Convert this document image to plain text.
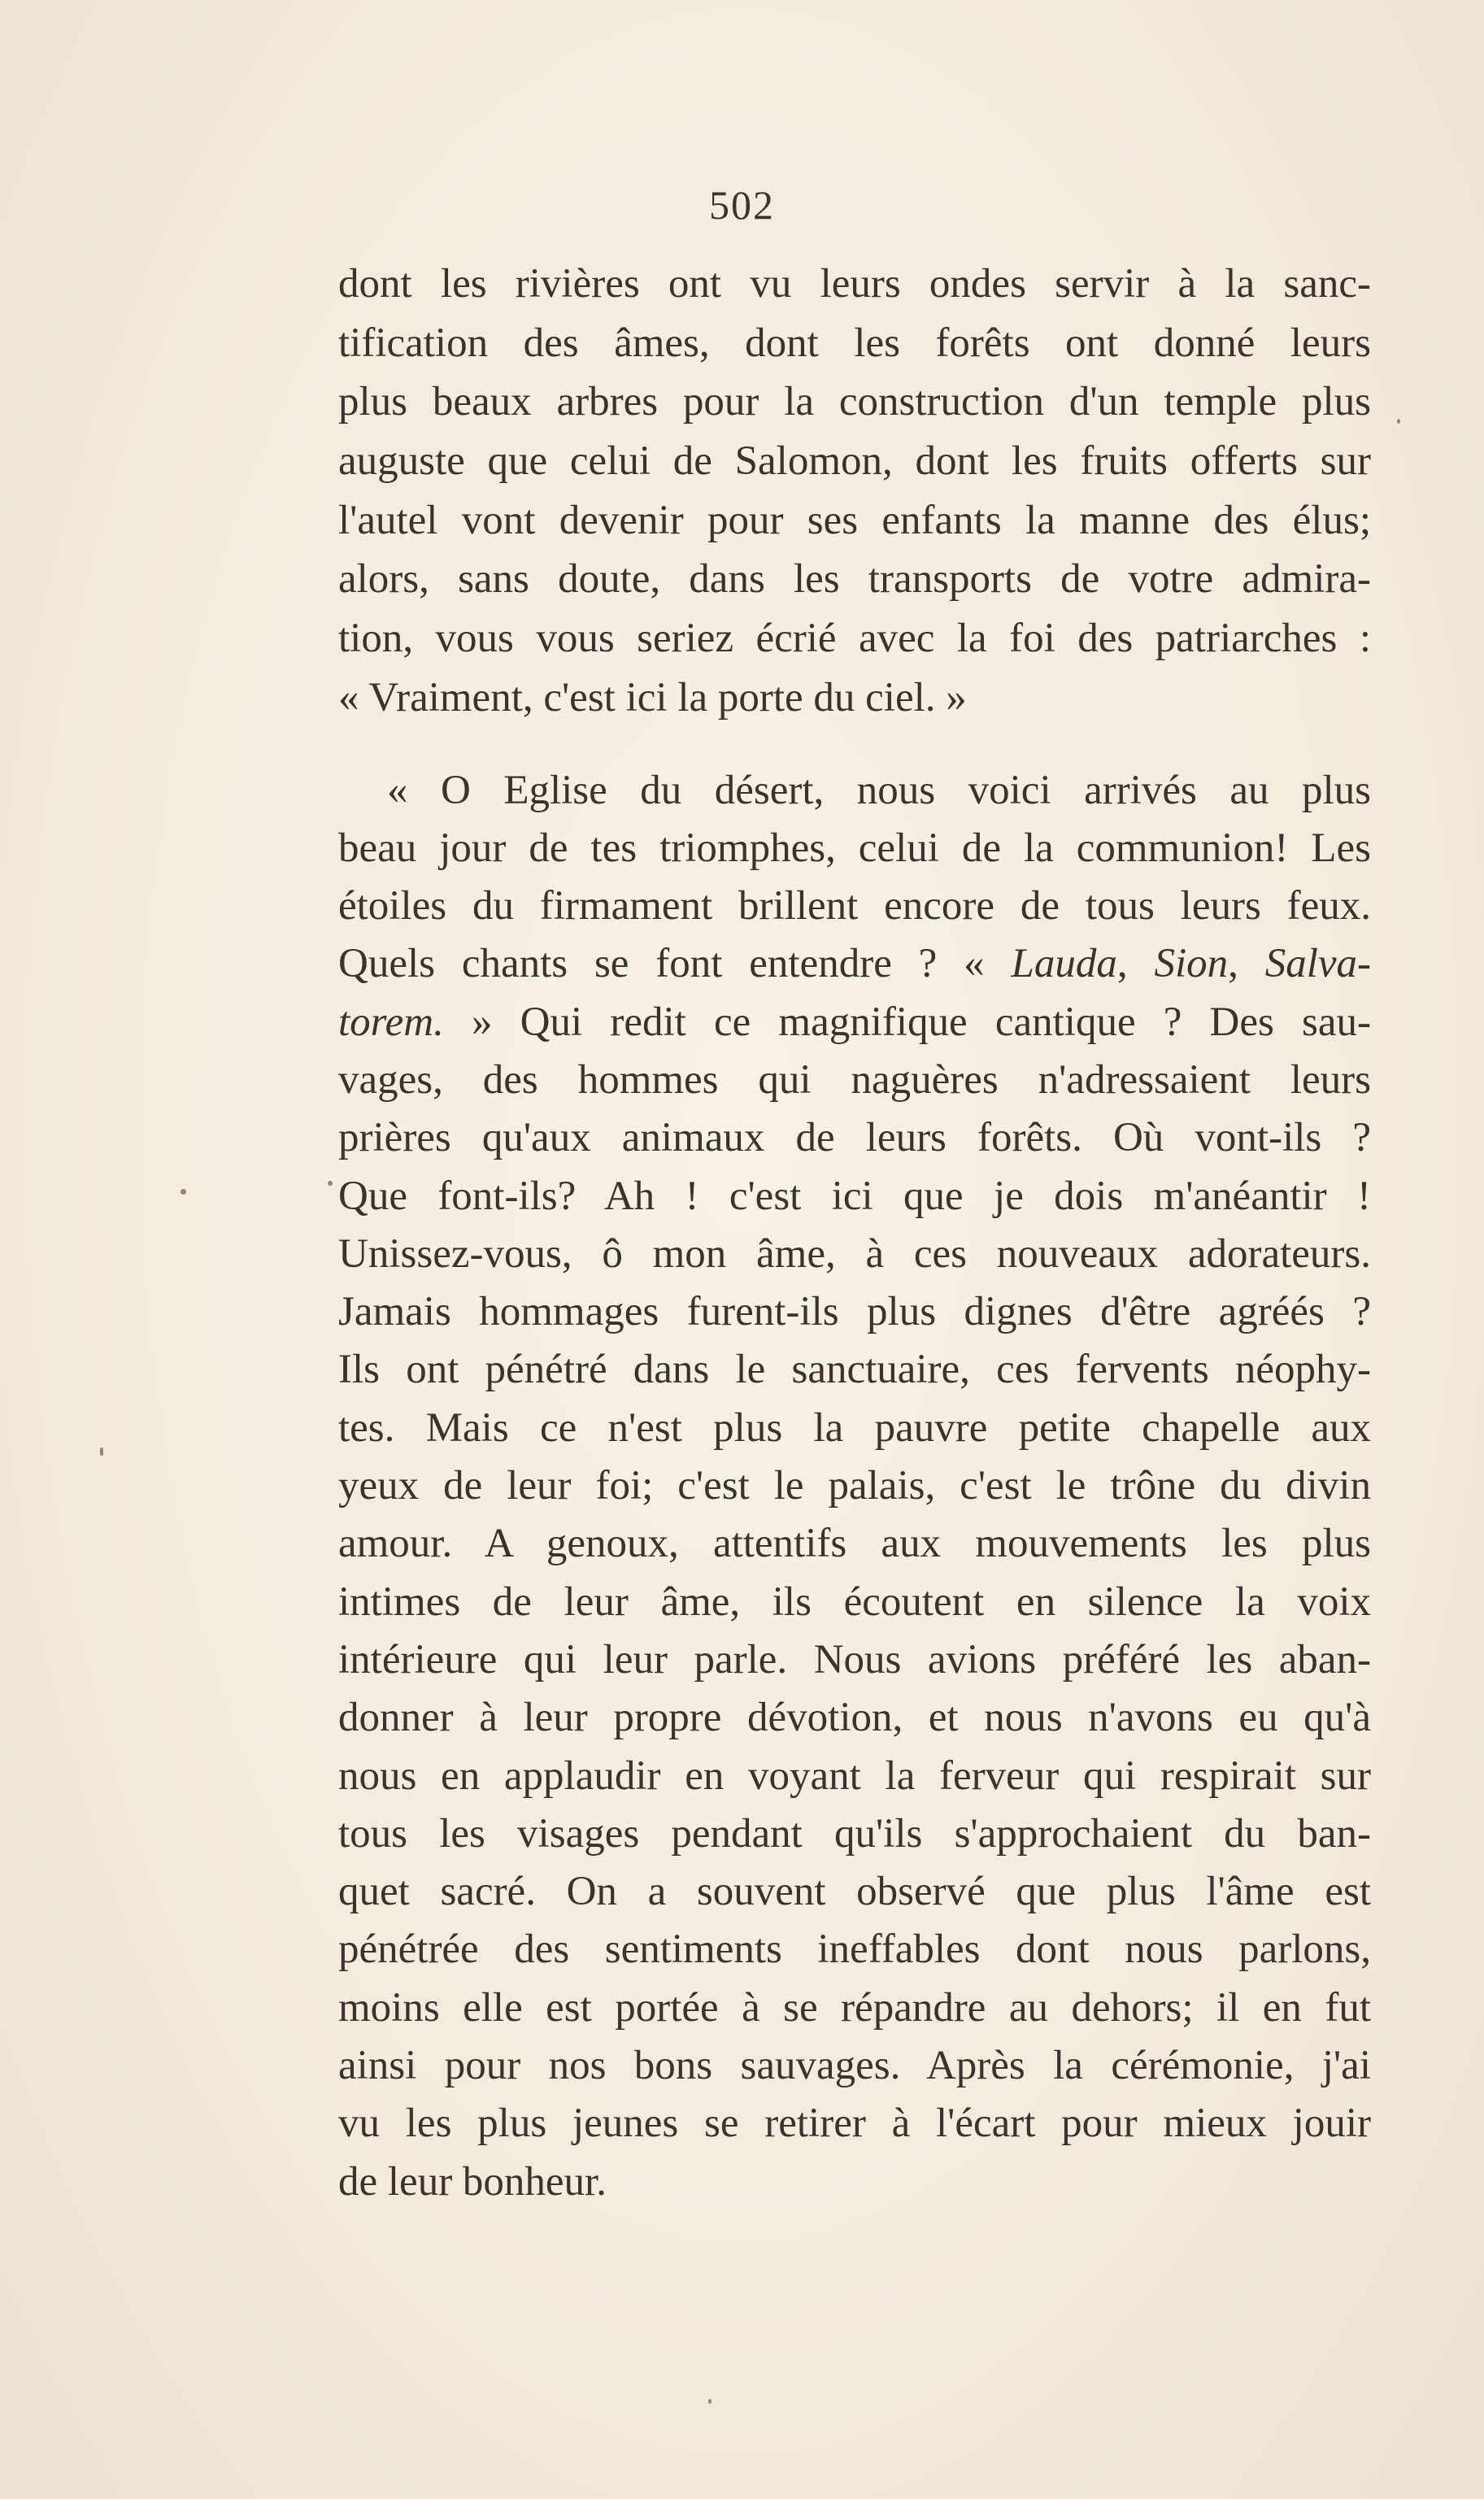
502
dont les rivières ont vu leurs ondes servir à la sanc-
tification des âmes, dont les forêts ont donné leurs
plus beaux arbres pour la construction d'un temple plus
auguste que celui de Salomon, dont les fruits offerts sur
l'autel vont devenir pour ses enfants la manne des élus;
alors, sans doute, dans les transports de votre admira-
tion, vous vous seriez écrié avec la foi des patriarches :
« Vraiment, c'est ici la porte du ciel. »
« O Eglise du désert, nous voici arrivés au plus
beau jour de tes triomphes, celui de la communion! Les
étoiles du firmament brillent encore de tous leurs feux.
Quels chants se font entendre ? « Lauda, Sion, Salva-
torem. » Qui redit ce magnifique cantique ? Des sau-
vages, des hommes qui naguères n'adressaient leurs
prières qu'aux animaux de leurs forêts. Où vont-ils ?
Que font-ils? Ah ! c'est ici que je dois m'anéantir !
Unissez-vous, ô mon âme, à ces nouveaux adorateurs.
Jamais hommages furent-ils plus dignes d'être agréés ?
Ils ont pénétré dans le sanctuaire, ces fervents néophy-
tes. Mais ce n'est plus la pauvre petite chapelle aux
yeux de leur foi; c'est le palais, c'est le trône du divin
amour. A genoux, attentifs aux mouvements les plus
intimes de leur âme, ils écoutent en silence la voix
intérieure qui leur parle. Nous avions préféré les aban-
donner à leur propre dévotion, et nous n'avons eu qu'à
nous en applaudir en voyant la ferveur qui respirait sur
tous les visages pendant qu'ils s'approchaient du ban-
quet sacré. On a souvent observé que plus l'âme est
pénétrée des sentiments ineffables dont nous parlons,
moins elle est portée à se répandre au dehors; il en fut
ainsi pour nos bons sauvages. Après la cérémonie, j'ai
vu les plus jeunes se retirer à l'écart pour mieux jouir
de leur bonheur.
